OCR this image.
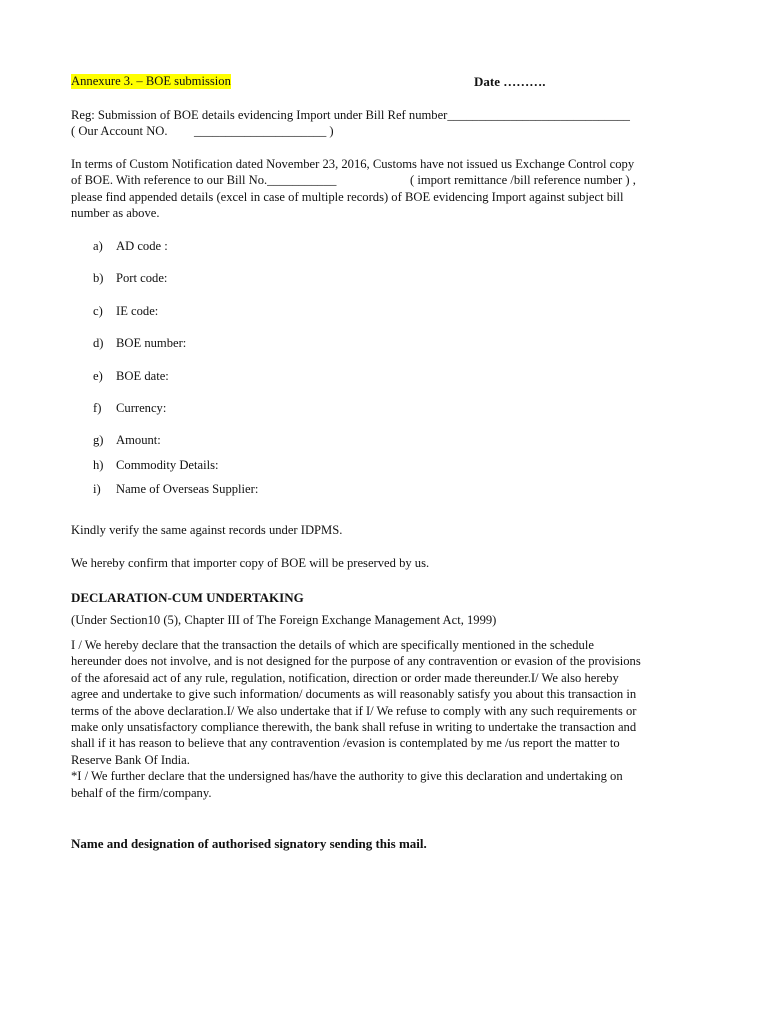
Annexure 3. – BOE submission	Date ……….
Reg: Submission of BOE details evidencing Import under Bill Ref number_____________________________
( Our Account NO. _____________________ )
In terms of Custom Notification dated November 23, 2016, Customs have not issued us Exchange Control copy
of BOE. With reference to our Bill No.___________	( import remittance /bill reference number ) ,
please find appended details (excel in case of multiple records) of BOE evidencing Import against subject bill
number as above.
a) AD code :
b) Port code:
c) IE code:
d) BOE number:
e) BOE date:
f) Currency:
g) Amount:
h) Commodity Details:
i) Name of Overseas Supplier:
Kindly verify the same against records under IDPMS.
We hereby confirm that importer copy of BOE will be preserved by us.
DECLARATION-CUM UNDERTAKING
(Under Section10 (5), Chapter III of The Foreign Exchange Management Act, 1999)
I / We hereby declare that the transaction the details of which are specifically mentioned in the schedule
hereunder does not involve, and is not designed for the purpose of any contravention or evasion of the provisions
of the aforesaid act of any rule, regulation, notification, direction or order made thereunder.I/ We also hereby
agree and undertake to give such information/ documents as will reasonably satisfy you about this transaction in
terms of the above declaration.I/ We also undertake that if I/ We refuse to comply with any such requirements or
make only unsatisfactory compliance therewith, the bank shall refuse in writing to undertake the transaction and
shall if it has reason to believe that any contravention /evasion is contemplated by me /us report the matter to
Reserve Bank Of India.
*I / We further declare that the undersigned has/have the authority to give this declaration and undertaking on
behalf of the firm/company.
Name and designation of authorised signatory sending this mail.
